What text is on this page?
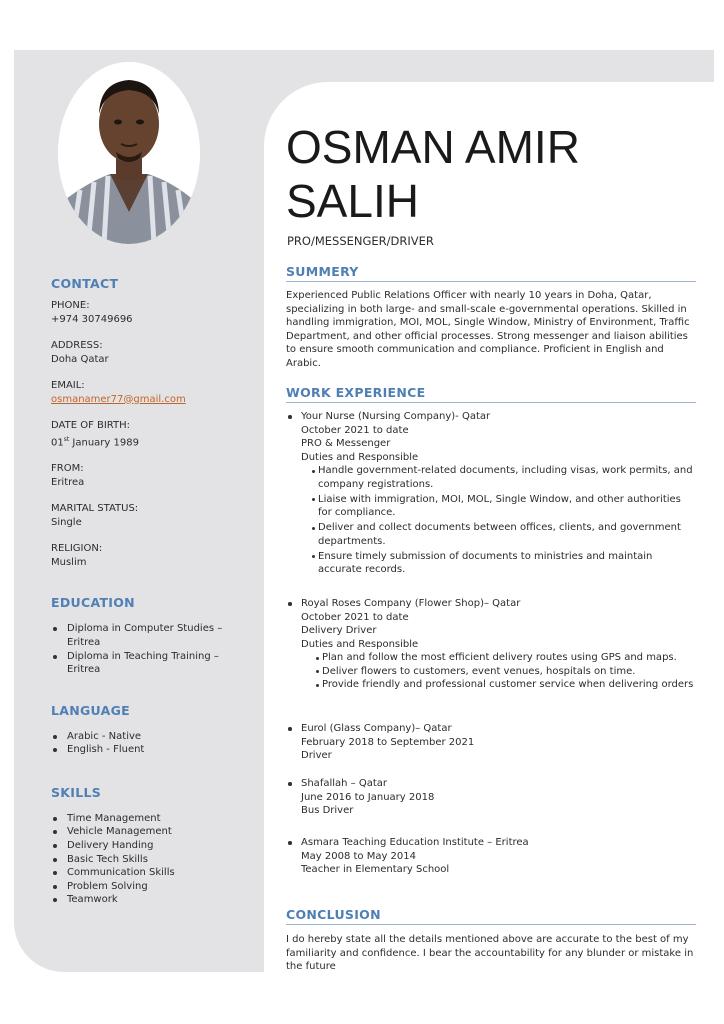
OSMAN AMIR
SALIH
PRO/MESSENGER/DRIVER
CONTACT
PHONE:
+974 30749696
ADDRESS:
Doha Qatar
EMAIL:
osmanamer77@gmail.com
DATE OF BIRTH:
01st January 1989
FROM:
Eritrea
MARITAL STATUS:
Single
RELIGION:
Muslim
EDUCATION
Diploma in Computer Studies – Eritrea
Diploma in Teaching Training – Eritrea
LANGUAGE
Arabic - Native
English - Fluent
SKILLS
Time Management
Vehicle Management
Delivery Handing
Basic Tech Skills
Communication Skills
Problem Solving
Teamwork
SUMMERY
Experienced Public Relations Officer with nearly 10 years in Doha, Qatar, specializing in both large- and small-scale e-governmental operations. Skilled in handling immigration, MOI, MOL, Single Window, Ministry of Environment, Traffic Department, and other official processes. Strong messenger and liaison abilities to ensure smooth communication and compliance. Proficient in English and Arabic.
WORK EXPERIENCE
Your Nurse (Nursing Company)- Qatar
October 2021 to date
PRO & Messenger
Duties and Responsible
Handle government-related documents, including visas, work permits, and company registrations.
Liaise with immigration, MOI, MOL, Single Window, and other authorities for compliance.
Deliver and collect documents between offices, clients, and government departments.
Ensure timely submission of documents to ministries and maintain accurate records.
Royal Roses Company (Flower Shop)– Qatar
October 2021 to date
Delivery Driver
Duties and Responsible
Plan and follow the most efficient delivery routes using GPS and maps.
Deliver flowers to customers, event venues, hospitals on time.
Provide friendly and professional customer service when delivering orders
Eurol (Glass Company)– Qatar
February 2018 to September 2021
Driver
Shafallah – Qatar
June 2016 to January 2018
Bus Driver
Asmara Teaching Education Institute – Eritrea
May 2008 to May 2014
Teacher in Elementary School
CONCLUSION
I do hereby state all the details mentioned above are accurate to the best of my familiarity and confidence. I bear the accountability for any blunder or mistake in the future
